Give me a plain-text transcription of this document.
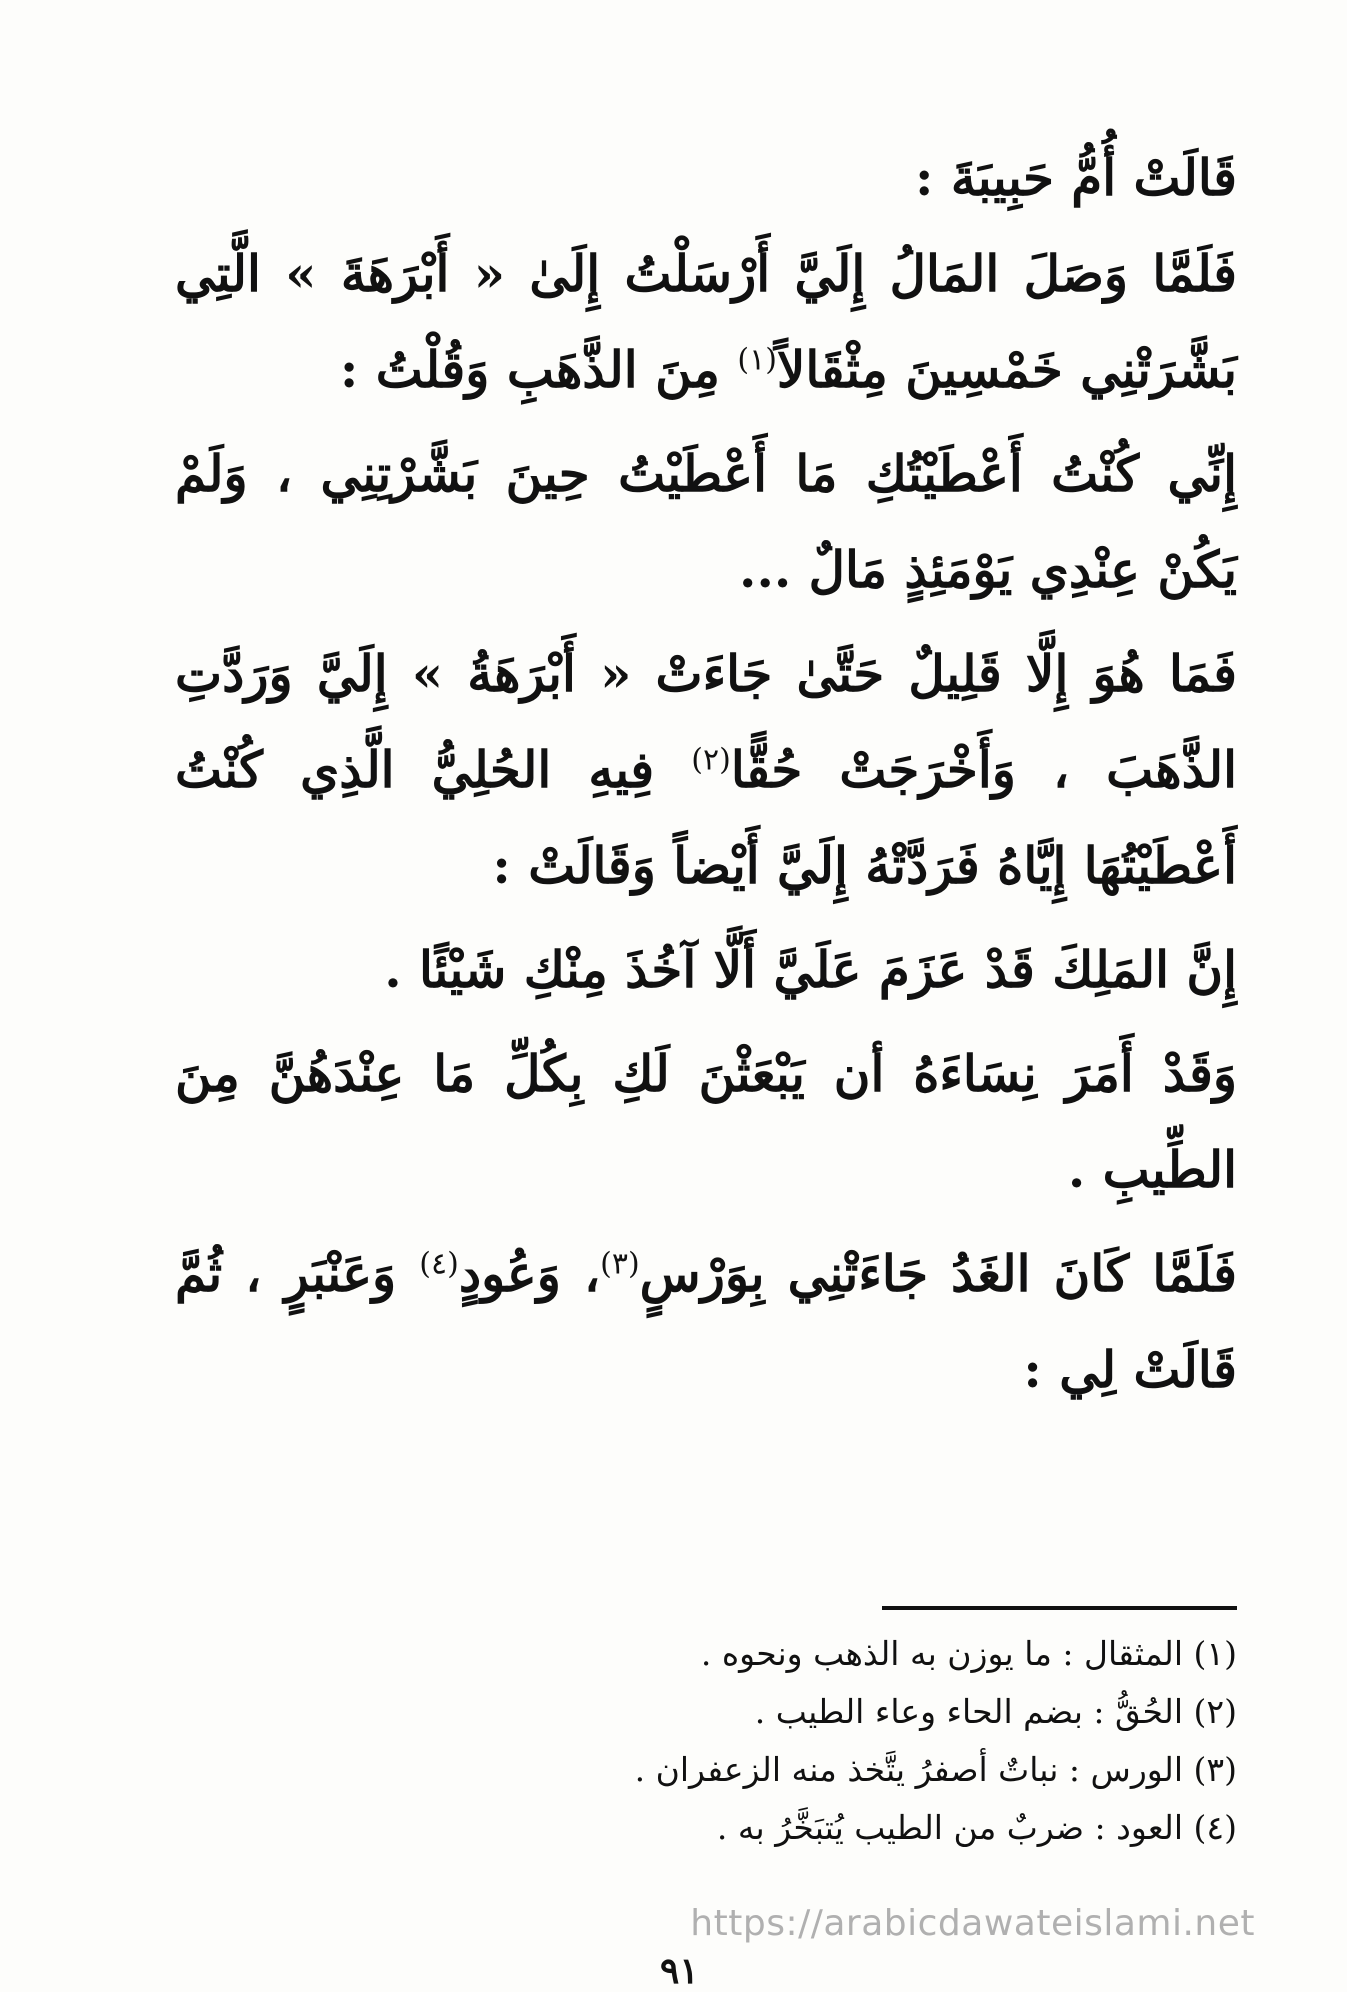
قَالَتْ أُمُّ حَبِيبَةَ :

فَلَمَّا وَصَلَ المَالُ إِلَيَّ أَرْسَلْتُ إِلَىٰ « أَبْرَهَةَ » الَّتِي بَشَّرَتْنِي خَمْسِينَ مِثْقَالاً$^{(١)}$ مِنَ الذَّهَبِ وَقُلْتُ :

إِنِّي كُنْتُ أَعْطَيْتُكِ مَا أَعْطَيْتُ حِينَ بَشَّرْتِنِي ، وَلَمْ يَكُنْ عِنْدِي يَوْمَئِذٍ مَالٌ ...

فَمَا هُوَ إِلَّا قَلِيلٌ حَتَّىٰ جَاءَتْ « أَبْرَهَةُ » إِلَيَّ وَرَدَّتِ الذَّهَبَ ، وَأَخْرَجَتْ حُقًّا$^{(٢)}$ فِيهِ الحُلِيُّ الَّذِي كُنْتُ أَعْطَيْتُهَا إِيَّاهُ فَرَدَّتْهُ إِلَيَّ أَيْضاً وَقَالَتْ :

إِنَّ المَلِكَ قَدْ عَزَمَ عَلَيَّ أَلَّا آخُذَ مِنْكِ شَيْئًا .

وَقَدْ أَمَرَ نِسَاءَهُ أن يَبْعَثْنَ لَكِ بِكُلِّ مَا عِنْدَهُنَّ مِنَ الطِّيبِ .

فَلَمَّا كَانَ الغَدُ جَاءَتْنِي بِوَرْسٍ$^{(٣)}$، وَعُودٍ$^{(٤)}$ وَعَنْبَرٍ ، ثُمَّ قَالَتْ لِي :

(١) المثقال : ما يوزن به الذهب ونحوه .

(٢) الحُقُّ : بضم الحاء وعاء الطيب .

(٣) الورس : نباتٌ أصفرُ يتَّخذ منه الزعفران .

(٤) العود : ضربٌ من الطيب يُتبَخَّرُ به .

https://arabicdawateislami.net
٩١
